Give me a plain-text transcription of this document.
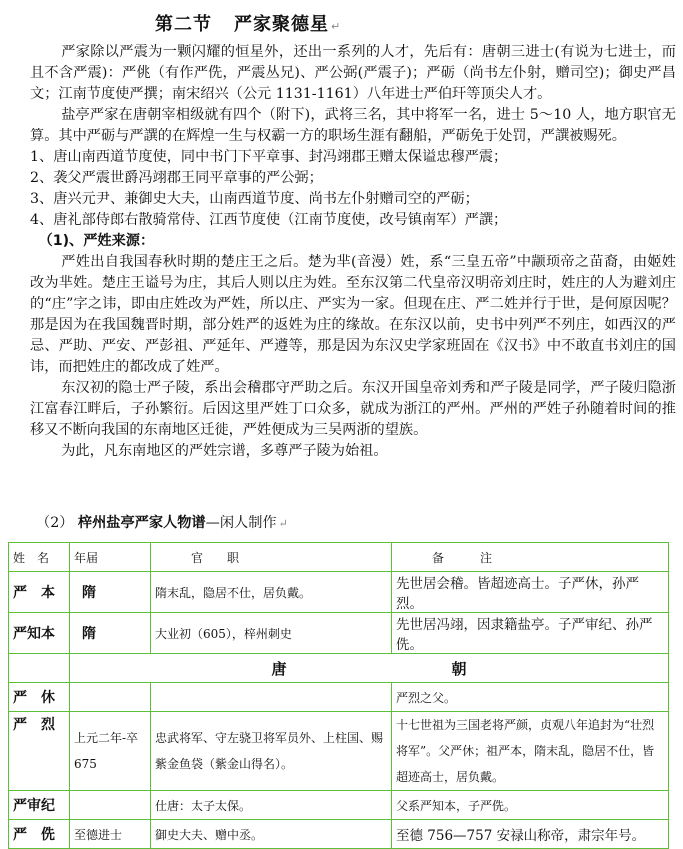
第二节 严家聚德星 ↵

严家除以严震为一颗闪耀的恒星外，还出一系列的人才，先后有：唐朝三进士(有说为七进士，而且不含严震)：严佻（有作严侁，严震丛兄)、严公弼(严震子)；严砺（尚书左仆射，赠司空)；御史严昌文；江南节度使严撰；南宋绍兴（公元 1131-1161）八年进士严伯玕等顶尖人才。

盐亭严家在唐朝宰相级就有四个（附下)，武将三名，其中将军一名，进士 5～10 人，地方职官无算。其中严砺与严譔的在辉煌一生与权霸一方的职场生涯有翻船，严砺免于处罚，严譔被赐死。

1、唐山南西道节度使，同中书门下平章事、封冯翊郡王赠太保谥忠穆严震；

2、袭父严震世爵冯翊郡王同平章事的严公弼；

3、唐兴元尹、兼御史大夫，山南西道节度、尚书左仆射赠司空的严砺；

4、唐礼部侍郎右散骑常侍、江西节度使（江南节度使，改号镇南军）严譔；

（1)、严姓来源：

严姓出自我国春秋时期的楚庄王之后。楚为芈(音漫）姓，系“三皇五帝”中颛顼帝之苗裔，由姬姓改为芈姓。楚庄王谥号为庄，其后人则以庄为姓。至东汉第二代皇帝汉明帝刘庄时，姓庄的人为避刘庄的“庄”字之讳，即由庄姓改为严姓，所以庄、严实为一家。但现在庄、严二姓并行于世，是何原因呢？那是因为在我国魏晋时期，部分姓严的返姓为庄的缘故。在东汉以前，史书中列严不列庄，如西汉的严忌、严助、严安、严彭祖、严延年、严遵等，那是因为东汉史学家班固在《汉书》中不敢直书刘庄的国讳，而把姓庄的都改成了姓严。

东汉初的隐士严子陵，系出会稽郡守严助之后。东汉开国皇帝刘秀和严子陵是同学，严子陵归隐浙江富春江畔后，子孙繁衍。后因这里严姓丁口众多，就成为浙江的严州。严州的严姓子孙随着时间的推移又不断向我国的东南地区迁徙，严姓便成为三吴两浙的望族。

为此，凡东南地区的严姓宗谱，多尊严子陵为始祖。

（2） 梓州盐亭严家人物谱—闲人制作 ↵
姓　名	年届	官　　职	备　　　注
严　本	隋	隋末乱，隐居不仕，居负戴。	先世居会稽。皆超迹高士。子严休，孙严烈。
严知本	隋	大业初（605），梓州刺史	先世居冯翊，因隶籍盐亭。子严审纪、孙严侁。
	唐 朝		
严　休			严烈之父。
严　烈	上元二年-卒 675	忠武将军、守左骁卫将军员外、上柱国、赐紫金鱼袋（紫金山得名）。	十七世祖为三国老将严颜，贞观八年追封为“壮烈将军”。父严休；祖严本，隋末乱，隐居不仕，皆超迹高士，居负戴。
严审纪		仕唐：太子太保。	父系严知本，子严侁。
严　侁	至德进士	御史大夫、赠中丞。	至德 756—757 安禄山称帝，肃宗年号。
